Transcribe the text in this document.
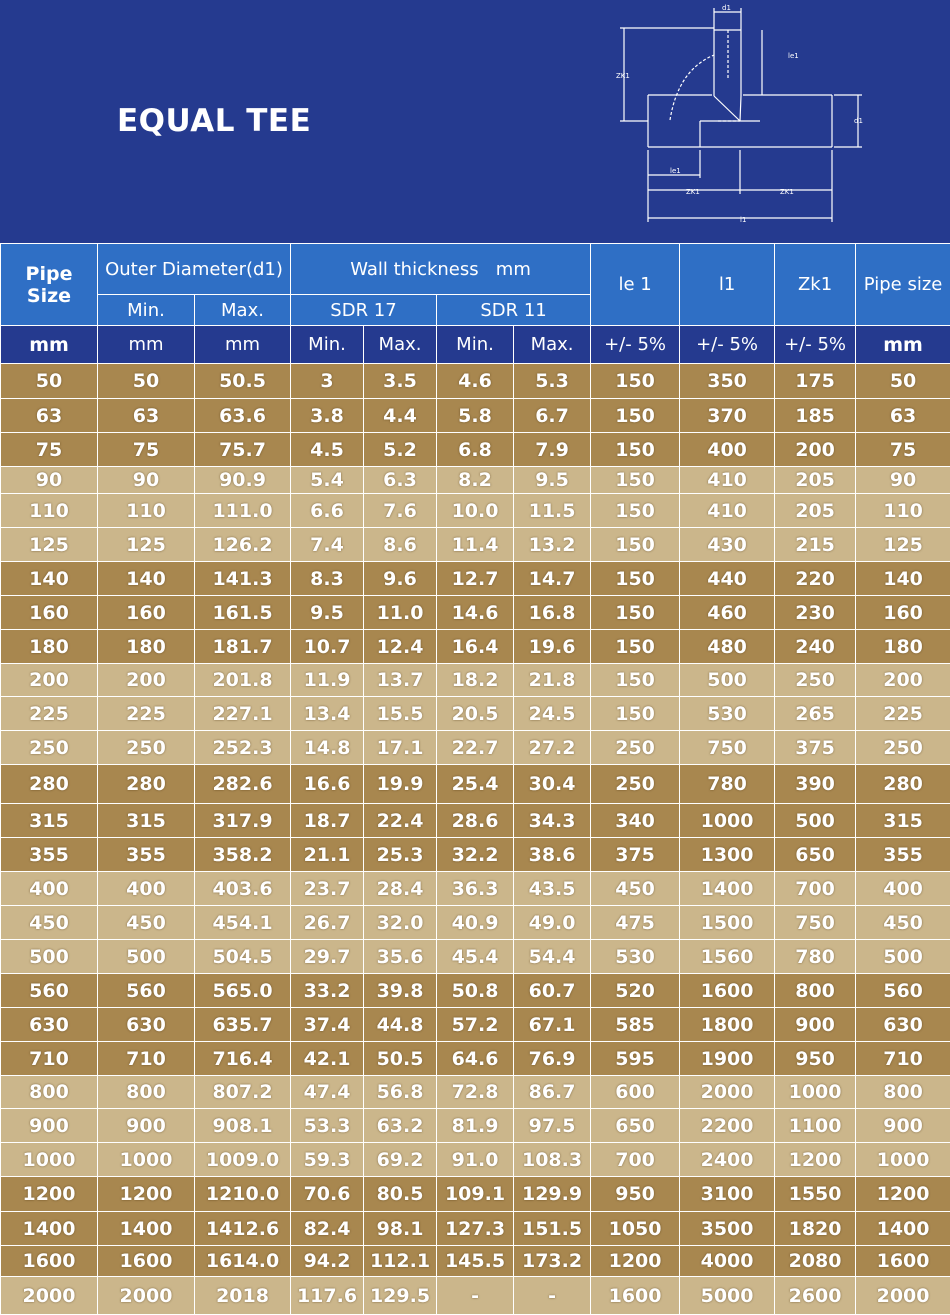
EQUAL TEE
d1
le1
ZK1
d1
le1
ZK1	ZK1
l1
Pipe Size	Outer Diameter(d1)		Wall thickness   mm				le 1	l1	Zk1	Pipe size
	Min.	Max.	SDR 17		SDR 11					
mm	mm	mm	Min.	Max.	Min.	Max.	+/- 5%	+/- 5%	+/- 5%	mm
50	50	50.5	3	3.5	4.6	5.3	150	350	175	50
63	63	63.6	3.8	4.4	5.8	6.7	150	370	185	63
75	75	75.7	4.5	5.2	6.8	7.9	150	400	200	75
90	90	90.9	5.4	6.3	8.2	9.5	150	410	205	90
110	110	111.0	6.6	7.6	10.0	11.5	150	410	205	110
125	125	126.2	7.4	8.6	11.4	13.2	150	430	215	125
140	140	141.3	8.3	9.6	12.7	14.7	150	440	220	140
160	160	161.5	9.5	11.0	14.6	16.8	150	460	230	160
180	180	181.7	10.7	12.4	16.4	19.6	150	480	240	180
200	200	201.8	11.9	13.7	18.2	21.8	150	500	250	200
225	225	227.1	13.4	15.5	20.5	24.5	150	530	265	225
250	250	252.3	14.8	17.1	22.7	27.2	250	750	375	250
280	280	282.6	16.6	19.9	25.4	30.4	250	780	390	280
315	315	317.9	18.7	22.4	28.6	34.3	340	1000	500	315
355	355	358.2	21.1	25.3	32.2	38.6	375	1300	650	355
400	400	403.6	23.7	28.4	36.3	43.5	450	1400	700	400
450	450	454.1	26.7	32.0	40.9	49.0	475	1500	750	450
500	500	504.5	29.7	35.6	45.4	54.4	530	1560	780	500
560	560	565.0	33.2	39.8	50.8	60.7	520	1600	800	560
630	630	635.7	37.4	44.8	57.2	67.1	585	1800	900	630
710	710	716.4	42.1	50.5	64.6	76.9	595	1900	950	710
800	800	807.2	47.4	56.8	72.8	86.7	600	2000	1000	800
900	900	908.1	53.3	63.2	81.9	97.5	650	2200	1100	900
1000	1000	1009.0	59.3	69.2	91.0	108.3	700	2400	1200	1000
1200	1200	1210.0	70.6	80.5	109.1	129.9	950	3100	1550	1200
1400	1400	1412.6	82.4	98.1	127.3	151.5	1050	3500	1820	1400
1600	1600	1614.0	94.2	112.1	145.5	173.2	1200	4000	2080	1600
2000	2000	2018	117.6	129.5	-	-	1600	5000	2600	2000
